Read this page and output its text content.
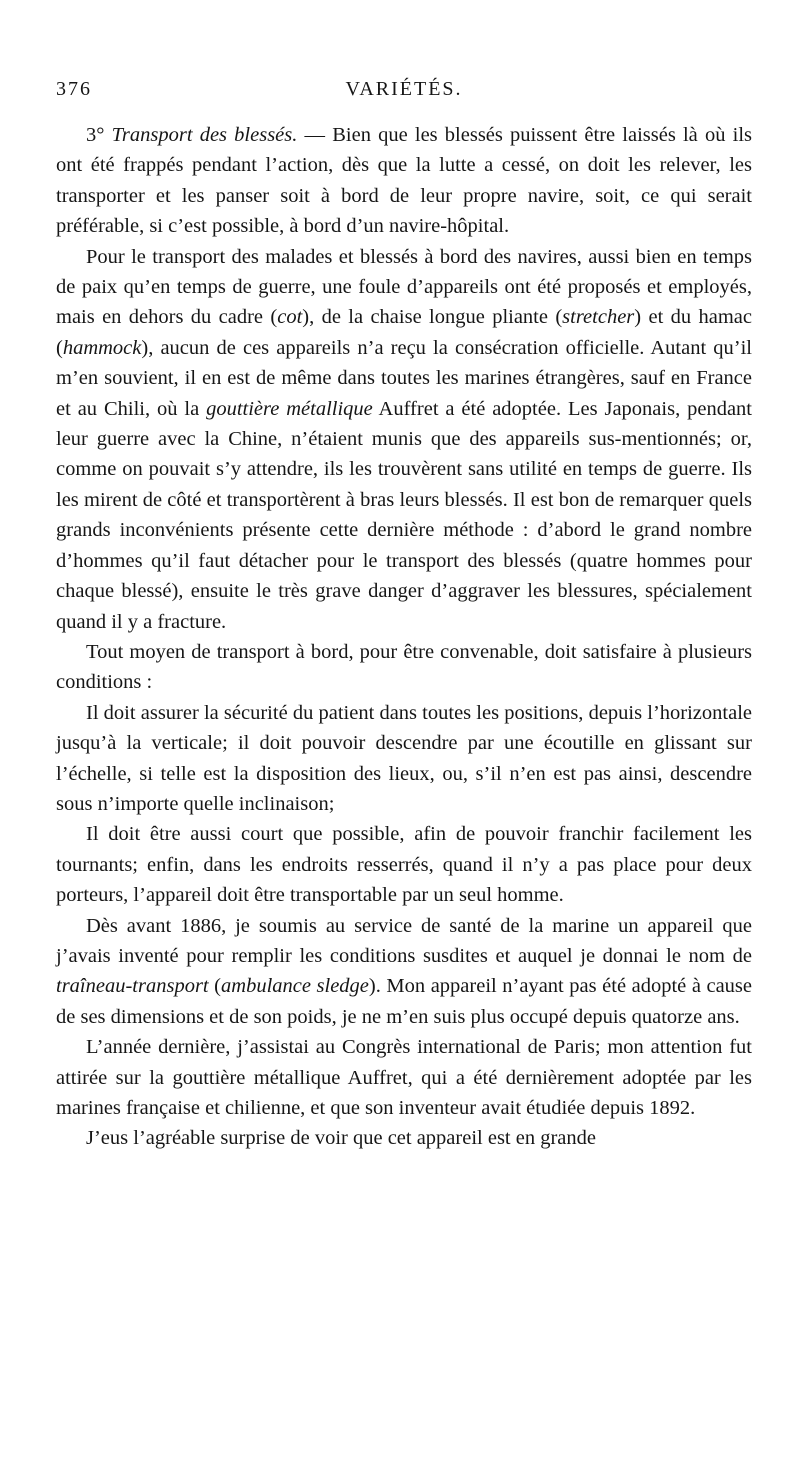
376	VARIÉTÉS.

3° Transport des blessés. — Bien que les blessés puissent être laissés là où ils ont été frappés pendant l’action, dès que la lutte a cessé, on doit les relever, les transporter et les panser soit à bord de leur propre navire, soit, ce qui serait préférable, si c’est possible, à bord d’un navire-hôpital.

Pour le transport des malades et blessés à bord des navires, aussi bien en temps de paix qu’en temps de guerre, une foule d’appareils ont été proposés et employés, mais en dehors du cadre (cot), de la chaise longue pliante (stretcher) et du hamac (hammock), aucun de ces appareils n’a reçu la consécration officielle. Autant qu’il m’en souvient, il en est de même dans toutes les marines étrangères, sauf en France et au Chili, où la gouttière métallique Auffret a été adoptée. Les Japonais, pendant leur guerre avec la Chine, n’étaient munis que des appareils sus-mentionnés; or, comme on pouvait s’y attendre, ils les trouvèrent sans utilité en temps de guerre. Ils les mirent de côté et transportèrent à bras leurs blessés. Il est bon de remarquer quels grands inconvénients présente cette dernière méthode : d’abord le grand nombre d’hommes qu’il faut détacher pour le transport des blessés (quatre hommes pour chaque blessé), ensuite le très grave danger d’aggraver les blessures, spécialement quand il y a fracture.

Tout moyen de transport à bord, pour être convenable, doit satisfaire à plusieurs conditions :

Il doit assurer la sécurité du patient dans toutes les positions, depuis l’horizontale jusqu’à la verticale; il doit pouvoir descendre par une écoutille en glissant sur l’échelle, si telle est la disposition des lieux, ou, s’il n’en est pas ainsi, descendre sous n’importe quelle inclinaison;

Il doit être aussi court que possible, afin de pouvoir franchir facilement les tournants; enfin, dans les endroits resserrés, quand il n’y a pas place pour deux porteurs, l’appareil doit être transportable par un seul homme.

Dès avant 1886, je soumis au service de santé de la marine un appareil que j’avais inventé pour remplir les conditions susdites et auquel je donnai le nom de traîneau-transport (ambulance sledge). Mon appareil n’ayant pas été adopté à cause de ses dimensions et de son poids, je ne m’en suis plus occupé depuis quatorze ans.

L’année dernière, j’assistai au Congrès international de Paris; mon attention fut attirée sur la gouttière métallique Auffret, qui a été dernièrement adoptée par les marines française et chilienne, et que son inventeur avait étudiée depuis 1892.

J’eus l’agréable surprise de voir que cet appareil est en grande
